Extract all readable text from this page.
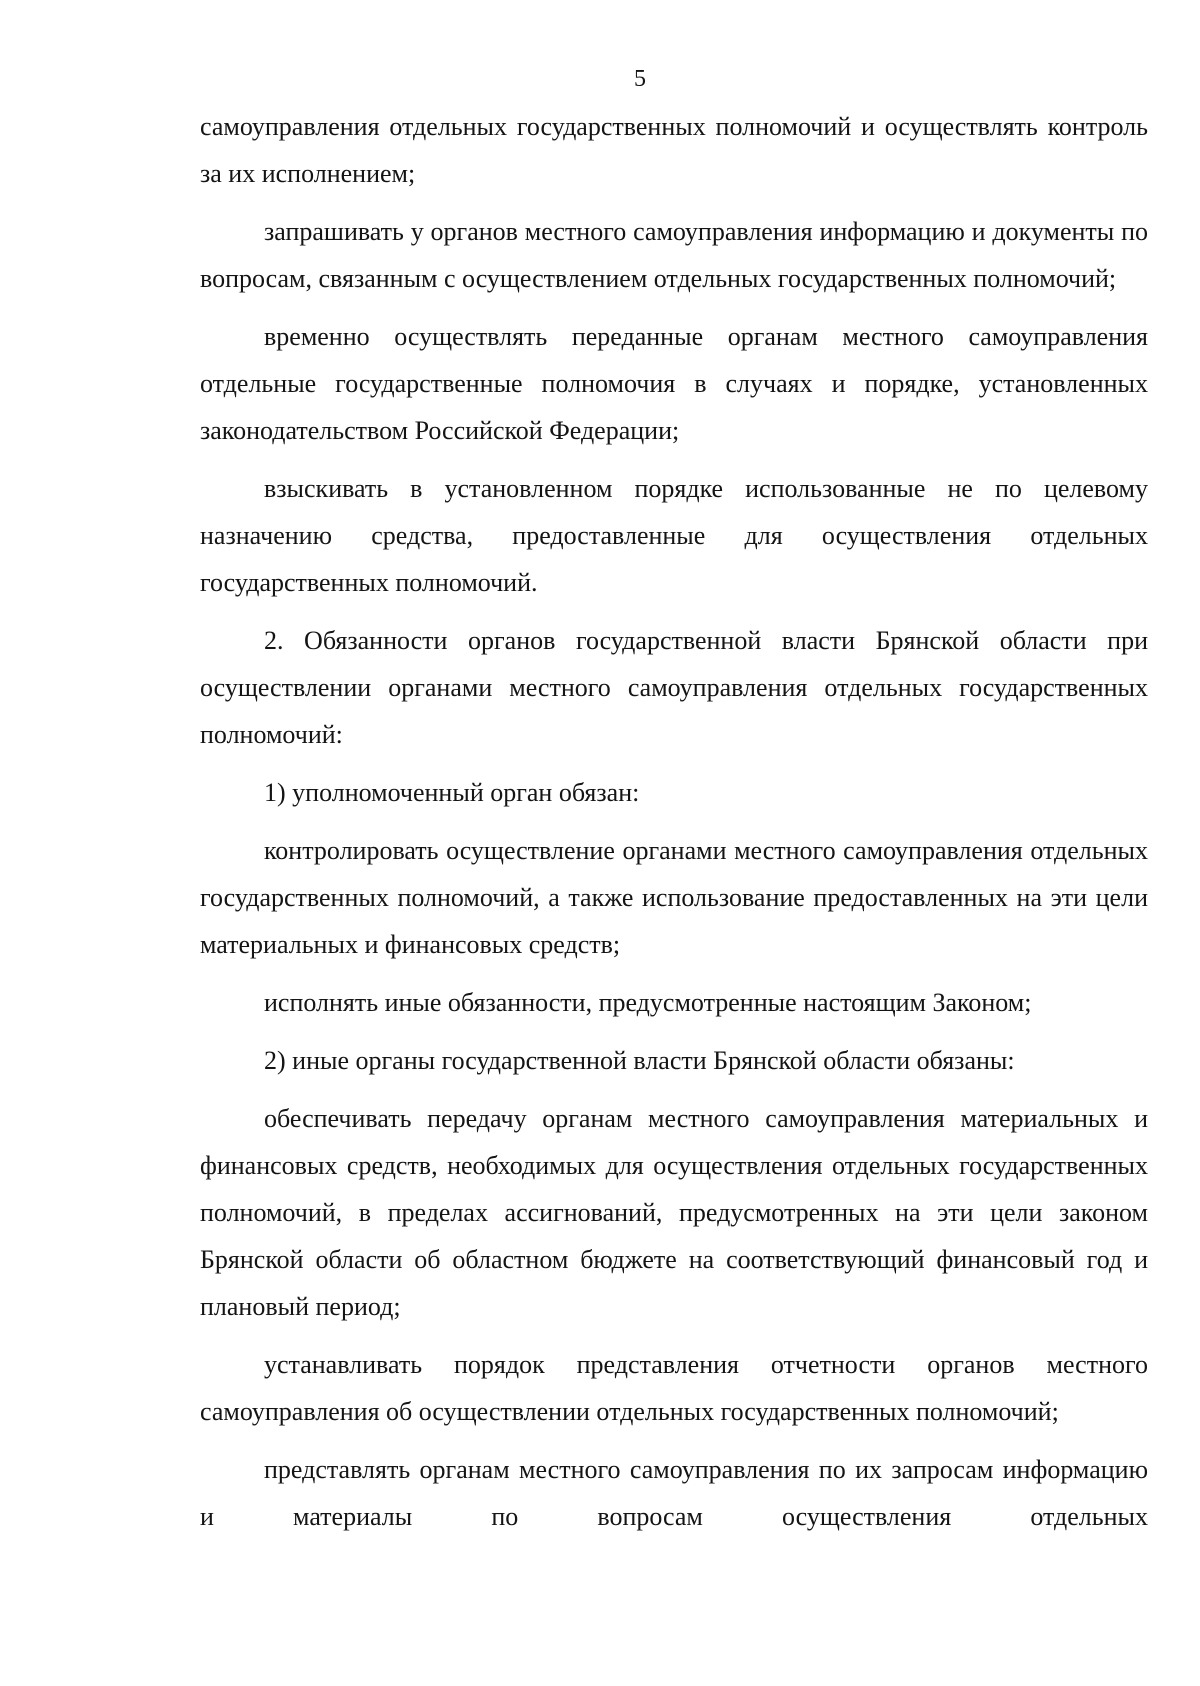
5

самоуправления отдельных государственных полномочий и осуществлять контроль за их исполнением;

запрашивать у органов местного самоуправления информацию и документы по вопросам, связанным с осуществлением отдельных государственных полномочий;

временно осуществлять переданные органам местного самоуправления отдельные государственные полномочия в случаях и порядке, установленных законодательством Российской Федерации;

взыскивать в установленном порядке использованные не по целевому назначению средства, предоставленные для осуществления отдельных государственных полномочий.

2. Обязанности органов государственной власти Брянской области при осуществлении органами местного самоуправления отдельных государственных полномочий:

1) уполномоченный орган обязан:

контролировать осуществление органами местного самоуправления отдельных государственных полномочий, а также использование предоставленных на эти цели материальных и финансовых средств;

исполнять иные обязанности, предусмотренные настоящим Законом;

2) иные органы государственной власти Брянской области обязаны:

обеспечивать передачу органам местного самоуправления материальных и финансовых средств, необходимых для осуществления отдельных государственных полномочий, в пределах ассигнований, предусмотренных на эти цели законом Брянской области об областном бюджете на соответствующий финансовый год и плановый период;

устанавливать порядок представления отчетности органов местного самоуправления об осуществлении отдельных государственных полномочий;

представлять органам местного самоуправления по их запросам информацию и материалы по вопросам осуществления отдельных
